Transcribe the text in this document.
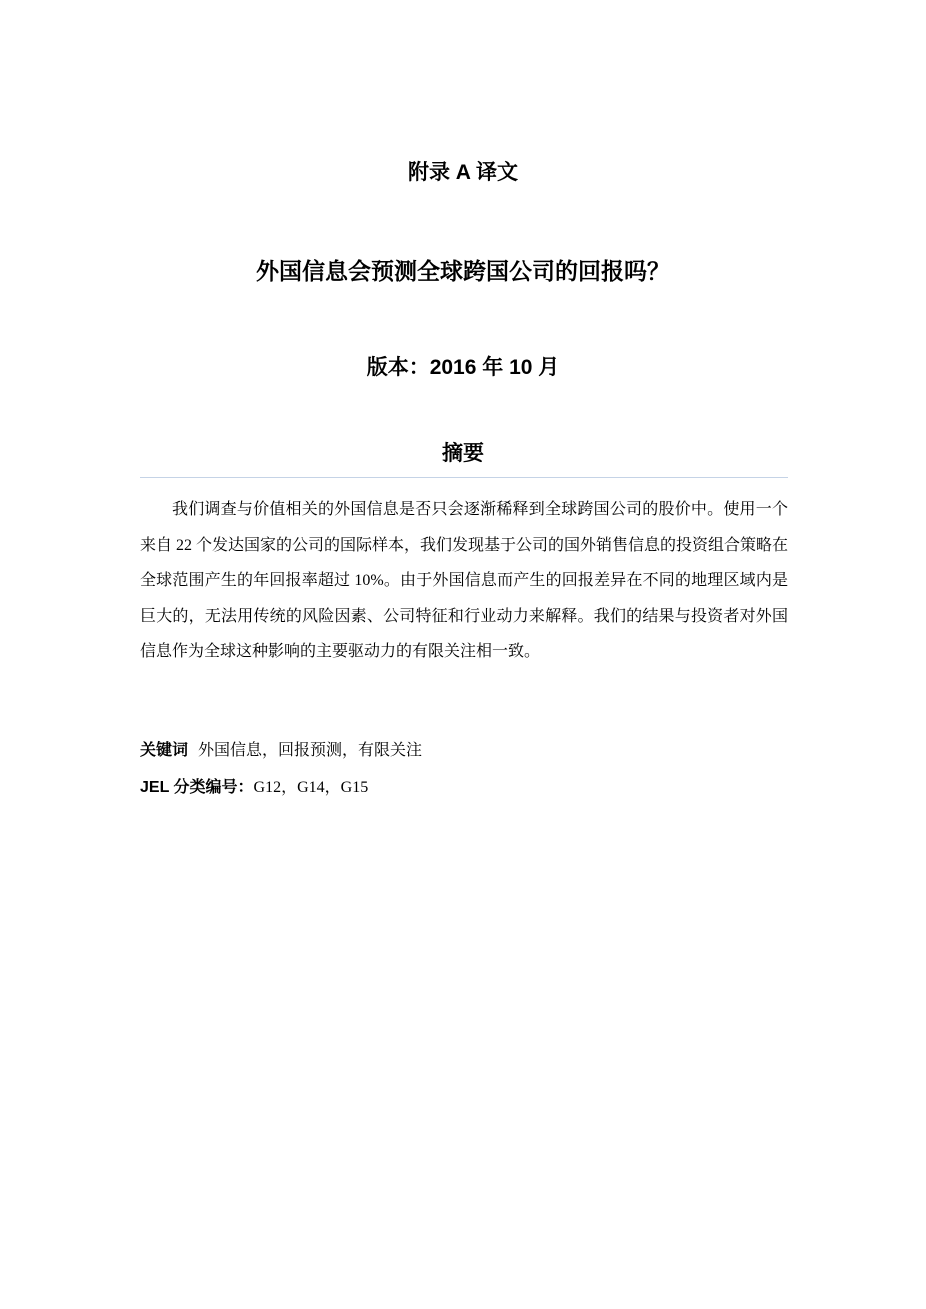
附录 A 译文
外国信息会预测全球跨国公司的回报吗？
版本：2016 年 10 月
摘要

我们调查与价值相关的外国信息是否只会逐渐稀释到全球跨国公司的股价中。使用一个来自 22 个发达国家的公司的国际样本，我们发现基于公司的国外销售信息的投资组合策略在全球范围产生的年回报率超过 10%。由于外国信息而产生的回报差异在不同的地理区域内是巨大的，无法用传统的风险因素、公司特征和行业动力来解释。我们的结果与投资者对外国信息作为全球这种影响的主要驱动力的有限关注相一致。

关键词 外国信息，回报预测，有限关注
JEL 分类编号：G12，G14，G15
